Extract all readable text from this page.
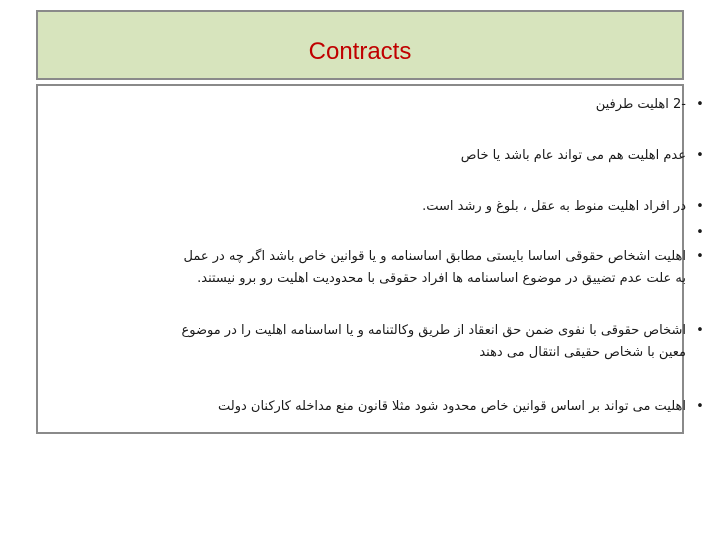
Contracts
•
-2 اهلیت طرفین
•
عدم اهلیت هم می تواند عام باشد یا خاص
•
در افراد اهلیت منوط به عقل ، بلوغ و رشد است.
•
•
اهلیت اشخاص حقوقی اساسا بایستی مطابق اساسنامه و یا قوانین خاص باشد اگر چه در عمل
به علت عدم تضییق در موضوع اساسنامه ها افراد حقوقی با محدودیت اهلیت رو برو نیستند.
•
اشخاص حقوقی با نفوی ضمن حق انعقاد از طریق وکالتنامه و یا اساسنامه اهلیت را در موضوع
معین با شخاص حقیقی انتقال می دهند
•
اهلیت می تواند بر اساس قوانین خاص محدود شود مثلا قانون منع مداخله کارکنان دولت
